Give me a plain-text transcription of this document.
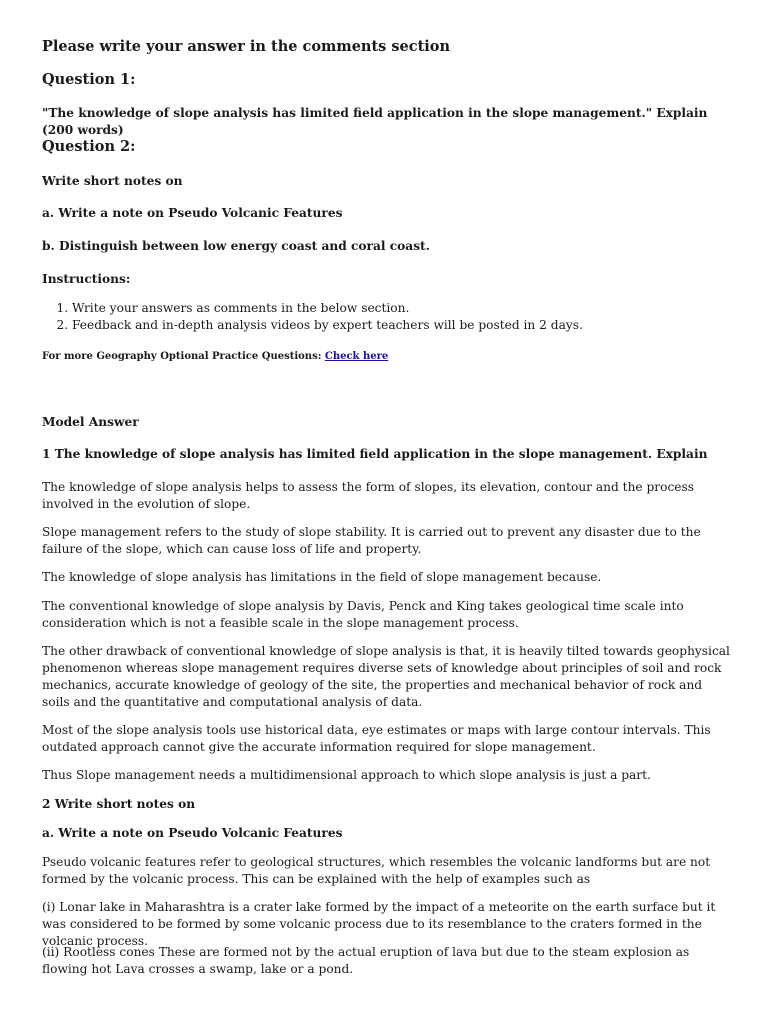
Please write your answer in the comments section
Question 1:
"The knowledge of slope analysis has limited field application in the slope management." Explain (200 words)
Question 2:
Write short notes on
a. Write a note on Pseudo Volcanic Features
b. Distinguish between low energy coast and coral coast.
Instructions:
1. Write your answers as comments in the below section.
2. Feedback and in-depth analysis videos by expert teachers will be posted in 2 days.
For more Geography Optional Practice Questions: Check here
Model Answer
1 The knowledge of slope analysis has limited field application in the slope management. Explain

The knowledge of slope analysis helps to assess the form of slopes, its elevation, contour and the process involved in the evolution of slope.

Slope management refers to the study of slope stability. It is carried out to prevent any disaster due to the failure of the slope, which can cause loss of life and property.

The knowledge of slope analysis has limitations in the field of slope management because.

The conventional knowledge of slope analysis by Davis, Penck and King takes geological time scale into consideration which is not a feasible scale in the slope management process.

The other drawback of conventional knowledge of slope analysis is that, it is heavily tilted towards geophysical phenomenon whereas slope management requires diverse sets of knowledge about principles of soil and rock mechanics, accurate knowledge of geology of the site, the properties and mechanical behavior of rock and soils and the quantitative and computational analysis of data.

Most of the slope analysis tools use historical data, eye estimates or maps with large contour intervals. This outdated approach cannot give the accurate information required for slope management.

Thus Slope management needs a multidimensional approach to which slope analysis is just a part.

2 Write short notes on
a. Write a note on Pseudo Volcanic Features

Pseudo volcanic features refer to geological structures, which resembles the volcanic landforms but are not formed by the volcanic process. This can be explained with the help of examples such as

(i) Lonar lake in Maharashtra is a crater lake formed by the impact of a meteorite on the earth surface but it was considered to be formed by some volcanic process due to its resemblance to the craters formed in the volcanic process.

(ii) Rootless cones These are formed not by the actual eruption of lava but due to the steam explosion as flowing hot Lava crosses a swamp, lake or a pond.
